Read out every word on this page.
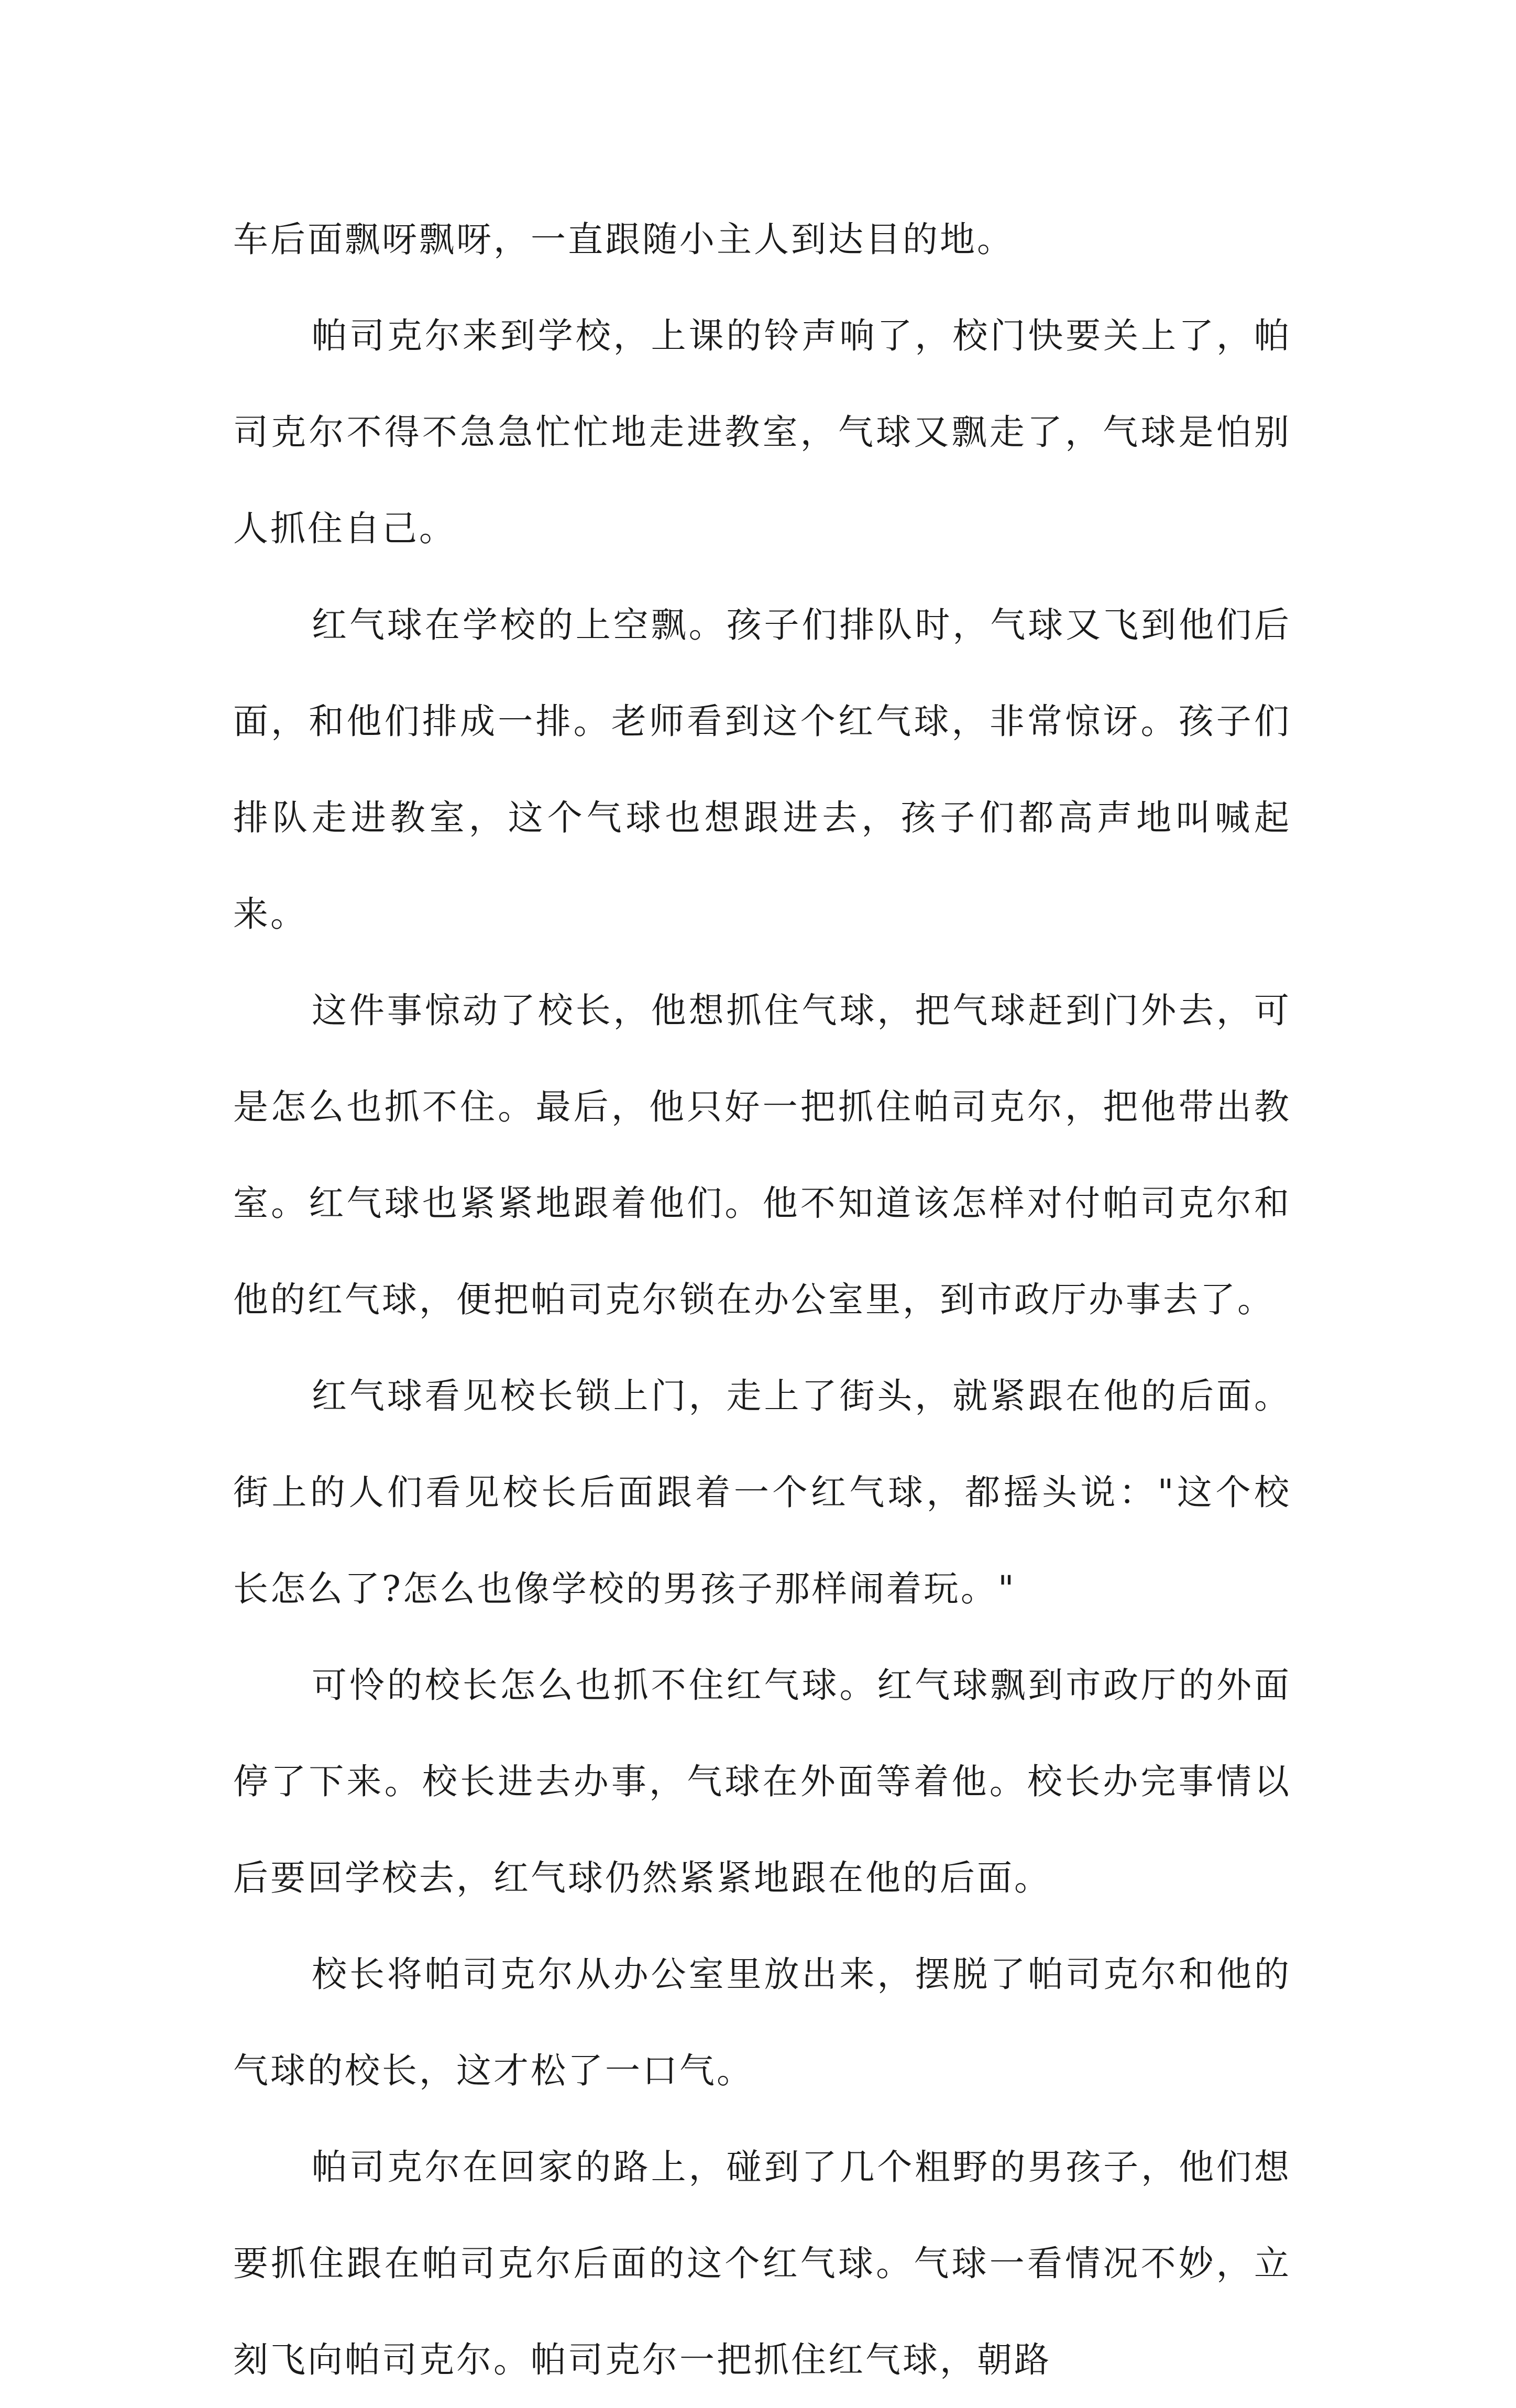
车后面飘呀飘呀，一直跟随小主人到达目的地。

帕司克尔来到学校，上课的铃声响了，校门快要关上了，帕司克尔不得不急急忙忙地走进教室，气球又飘走了，气球是怕别人抓住自己。

红气球在学校的上空飘。孩子们排队时，气球又飞到他们后面，和他们排成一排。老师看到这个红气球，非常惊讶。孩子们排队走进教室，这个气球也想跟进去，孩子们都高声地叫喊起来。

这件事惊动了校长，他想抓住气球，把气球赶到门外去，可是怎么也抓不住。最后，他只好一把抓住帕司克尔，把他带出教室。红气球也紧紧地跟着他们。他不知道该怎样对付帕司克尔和他的红气球，便把帕司克尔锁在办公室里，到市政厅办事去了。

红气球看见校长锁上门，走上了街头，就紧跟在他的后面。街上的人们看见校长后面跟着一个红气球，都摇头说："这个校长怎么了?怎么也像学校的男孩子那样闹着玩。"

可怜的校长怎么也抓不住红气球。红气球飘到市政厅的外面停了下来。校长进去办事，气球在外面等着他。校长办完事情以后要回学校去，红气球仍然紧紧地跟在他的后面。

校长将帕司克尔从办公室里放出来，摆脱了帕司克尔和他的气球的校长，这才松了一口气。

帕司克尔在回家的路上，碰到了几个粗野的男孩子，他们想要抓住跟在帕司克尔后面的这个红气球。气球一看情况不妙，立刻飞向帕司克尔。帕司克尔一把抓住红气球，朝路
